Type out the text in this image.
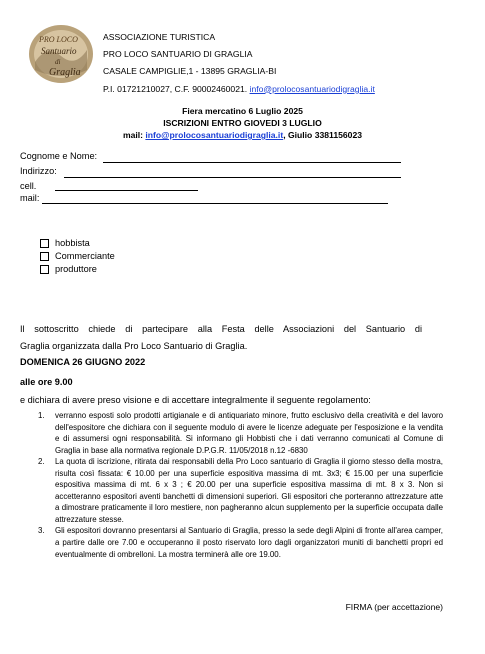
PRO LOCO
Santuario
di
Graglia
ASSOCIAZIONE TURISTICA
PRO LOCO SANTUARIO DI GRAGLIA
CASALE CAMPIGLIE,1 - 13895 GRAGLIA-BI
P.I. 01721210027, C.F. 90002460021. info@prolocosantuariodigraglia.it
Fiera mercatino 6 Luglio 2025
ISCRIZIONI ENTRO GIOVEDI 3 LUGLIO
mail: info@prolocosantuariodigraglia.it, Giulio 3381156023
Cognome e Nome:
Indirizzo:
cell.
mail:
hobbista
Commerciante
produttore
Il sottoscritto chiede di partecipare alla Festa delle Associazioni del Santuario di
Graglia organizzata dalla Pro Loco Santuario di Graglia.
DOMENICA 26 GIUGNO 2022
alle ore 9.00
e dichiara di avere preso visione e di accettare integralmente il seguente regolamento:
1.	verranno esposti solo prodotti artigianale e di antiquariato minore, frutto esclusivo della creatività e del lavoro dell'espositore che dichiara con il seguente modulo di avere le licenze adeguate per l'esposizione e la vendita e di assumersi ogni responsabilità. Si informano gli Hobbisti che i dati verranno comunicati al Comune di Graglia in base alla normativa regionale D.P.G.R. 11/05/2018 n.12 -6830
2.	La quota di iscrizione, ritirata dai responsabili della Pro Loco santuario di Graglia il giorno stesso della mostra, risulta così fissata: € 10.00 per una superficie espositiva massima di mt. 3x3; € 15.00 per una superficie espositiva massima di mt. 6 x 3 ; € 20.00 per una superficie espositiva massima di mt. 8 x 3. Non si accetteranno espositori aventi banchetti di dimensioni superiori. Gli espositori che porteranno attrezzature atte a dimostrare praticamente il loro mestiere, non pagheranno alcun supplemento per la superficie occupata dalle attrezzature stesse.
3.	Gli espositori dovranno presentarsi al Santuario di Graglia, presso la sede degli Alpini di fronte all'area camper, a partire dalle ore 7.00 e occuperanno il posto riservato loro dagli organizzatori muniti di banchetti propri ed eventualmente di ombrelloni. La mostra terminerà alle ore 19.00.
FIRMA (per accettazione)
